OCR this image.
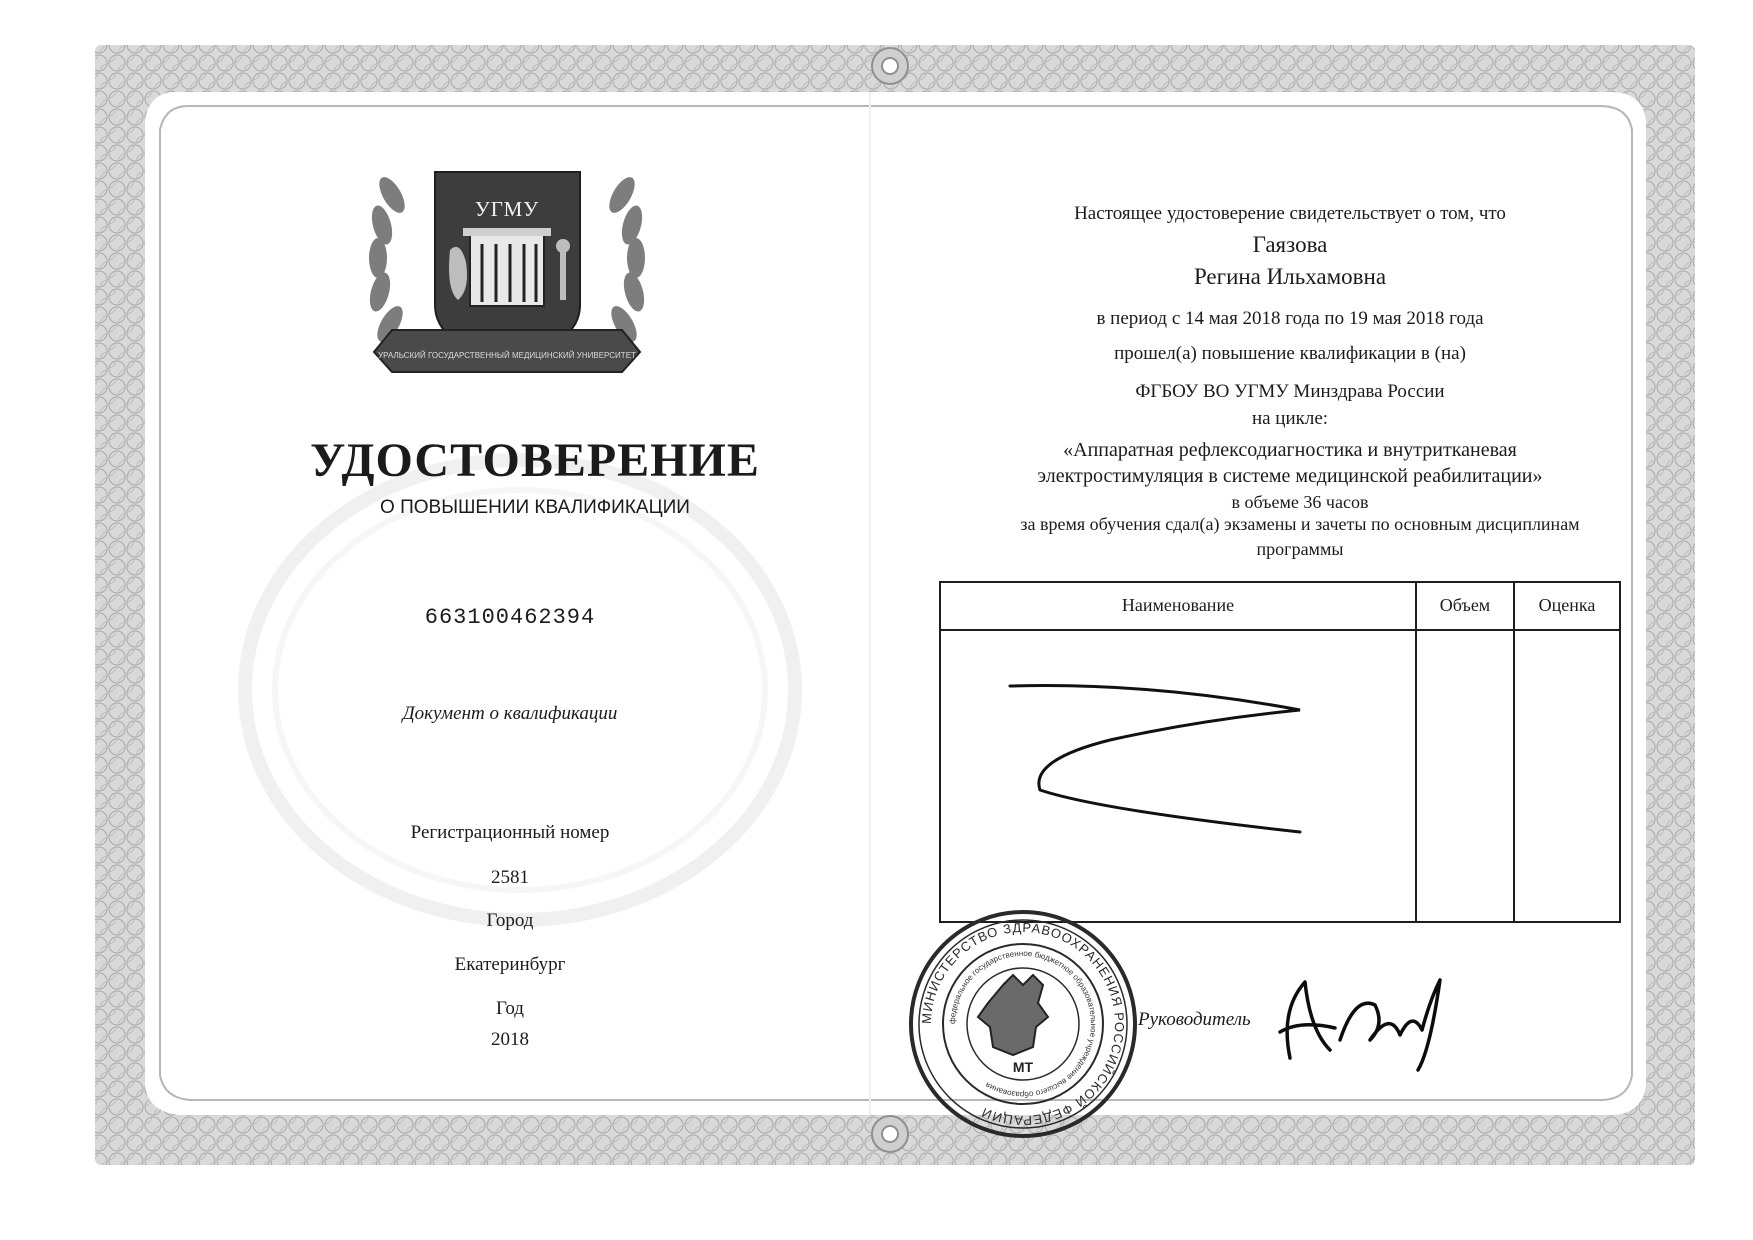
УГМУ
УРАЛЬСКИЙ ГОСУДАРСТВЕННЫЙ МЕДИЦИНСКИЙ УНИВЕРСИТЕТ
МИНИСТЕРСТВО ЗДРАВООХРАНЕНИЯ РОССИЙСКОЙ ФЕДЕРАЦИИ
федеральное государственное бюджетное образовательное учреждение высшего образования
МТ
УДОСТОВЕРЕНИЕ
О ПОВЫШЕНИИ КВАЛИФИКАЦИИ
663100462394
Документ о квалификации
Регистрационный номер
2581
Город
Екатеринбург
Год
2018
Настоящее удостоверение свидетельствует о том, что
Гаязова
Регина Ильхамовна
в период с 14 мая 2018 года по 19 мая 2018 года
прошел(а) повышение квалификации в (на)
ФГБОУ ВО УГМУ Минздрава России
на цикле:
«Аппаратная рефлексодиагностика и внутритканевая
электростимуляция в системе медицинской реабилитации»
в объеме 36 часов
за время обучения сдал(а) экзамены и зачеты по основным дисциплинам
программы
Наименование	Объем	Оценка
Руководитель
